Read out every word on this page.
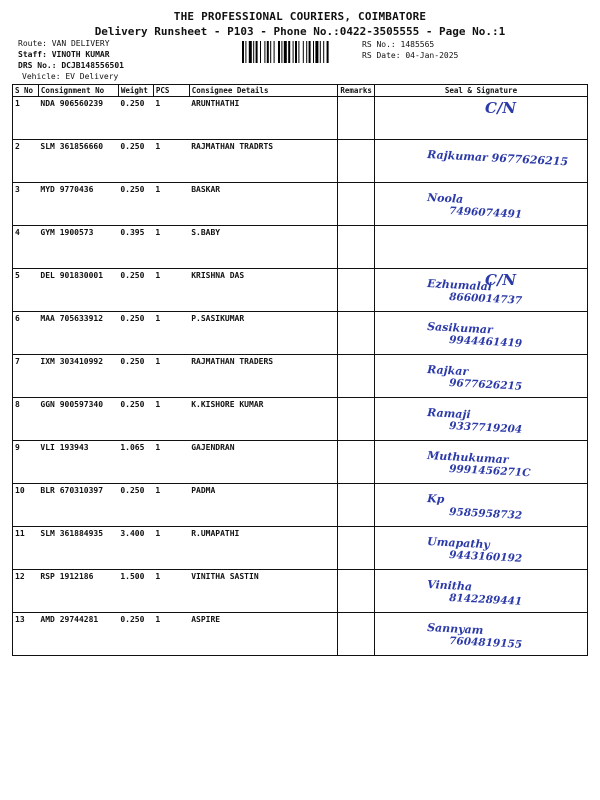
THE PROFESSIONAL COURIERS, COIMBATORE
Delivery Runsheet - P103 - Phone No.:0422-3505555 - Page No.:1
Route: VAN DELIVERY
Staff: VINOTH KUMAR
DRS No.: DCJB148556501
Vehicle: EV Delivery
RS No.: 1485565
RS Date: 04-Jan-2025
S No	Consignment No	Weight	PCS	Consignee Details	Remarks	Seal & Signature
1	NDA 906560239	0.250	1	ARUNTHATHI		C/N

2	SLM 361856660	0.250	1	RAJMATHAN TRADRTS		Rajkumar 9677626215

3	MYD 9770436	0.250	1	BASKAR		Noola
7496074491

4	GYM 1900573	0.395	1	S.BABY		

5	DEL 901830001	0.250	1	KRISHNA DAS		C/N
Ezhumalai
8660014737

6	MAA 705633912	0.250	1	P.SASIKUMAR		Sasikumar
9944461419

7	IXM 303410992	0.250	1	RAJMATHAN TRADERS		Rajkar
9677626215

8	GGN 900597340	0.250	1	K.KISHORE KUMAR		Ramaji
9337719204

9	VLI 193943	1.065	1	GAJENDRAN		Muthukumar
9991456271C

10	BLR 670310397	0.250	1	PADMA		Kp
9585958732

11	SLM 361884935	3.400	1	R.UMAPATHI		Umapathy
9443160192

12	RSP 1912186	1.500	1	VINITHA SASTIN		Vinitha
8142289441

13	AMD 29744281	0.250	1	ASPIRE		Sannyam
7604819155
